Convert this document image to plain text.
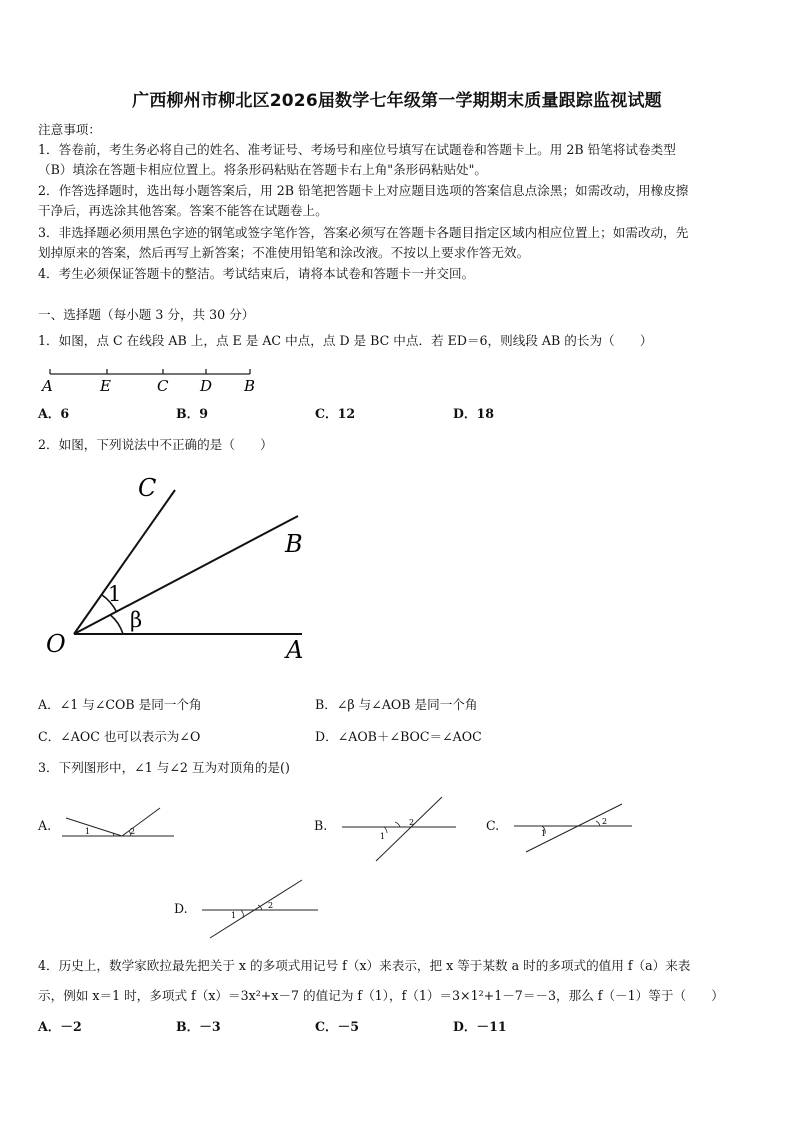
广西柳州市柳北区2026届数学七年级第一学期期末质量跟踪监视试题
注意事项：
1．答卷前，考生务必将自己的姓名、准考证号、考场号和座位号填写在试题卷和答题卡上。用 2B 铅笔将试卷类型
（B）填涂在答题卡相应位置上。将条形码粘贴在答题卡右上角"条形码粘贴处"。
2．作答选择题时，选出每小题答案后，用 2B 铅笔把答题卡上对应题目选项的答案信息点涂黑；如需改动，用橡皮擦
干净后，再选涂其他答案。答案不能答在试题卷上。
3．非选择题必须用黑色字迹的钢笔或签字笔作答，答案必须写在答题卡各题目指定区域内相应位置上；如需改动，先
划掉原来的答案，然后再写上新答案；不准使用铅笔和涂改液。不按以上要求作答无效。
4．考生必须保证答题卡的整洁。考试结束后，请将本试卷和答题卡一并交回。
一、选择题（每小题 3 分，共 30 分）
1．如图，点 C 在线段 AB 上，点 E 是 AC 中点，点 D 是 BC 中点．若 ED＝6，则线段 AB 的长为（　　）
A	E	C D B
A．6	B．9	C．12	D．18
2．如图，下列说法中不正确的是（　　）
C
B
O	A
1
β
A．∠1 与∠COB 是同一个角	B．∠β 与∠AOB 是同一个角
C．∠AOC 也可以表示为∠O	D．∠AOB＋∠BOC＝∠AOC
3．下列图形中，∠1 与∠2 互为对顶角的是()
A.	1	2	B.
1
2	C.
1
2
D.	1
2
4．历史上，数学家欧拉最先把关于 x 的多项式用记号 f（x）来表示，把 x 等于某数 a 时的多项式的值用 f（a）来表
示，例如 x＝1 时，多项式 f（x）＝3x²+x－7 的值记为 f（1），f（1）＝3×1²+1－7＝－3，那么 f（－1）等于（　　）
A．－2	B．－3	C．－5	D．－11
